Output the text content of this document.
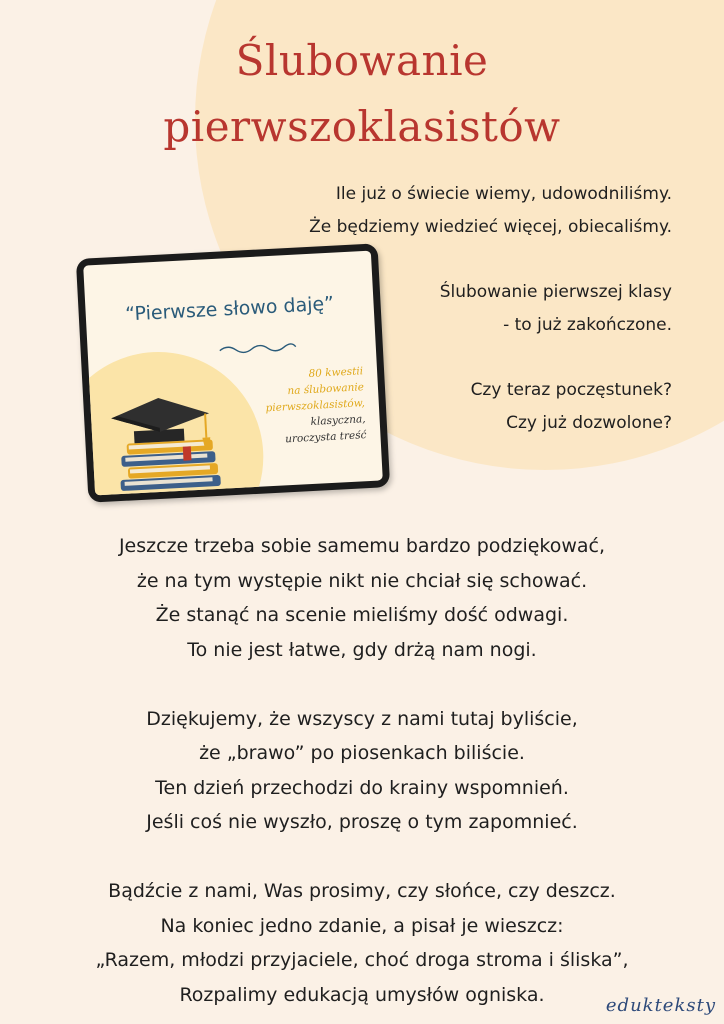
Ślubowanie
pierwszoklasistów
Ile już o świecie wiemy, udowodniliśmy.
Że będziemy wiedzieć więcej, obiecaliśmy.
Ślubowanie pierwszej klasy
- to już zakończone.
Czy teraz poczęstunek?
Czy już dozwolone?
“Pierwsze słowo daję”
80 kwestii
na ślubowanie
pierwszoklasistów,
klasyczna,
uroczysta treść
Jeszcze trzeba sobie samemu bardzo podziękować,
że na tym występie nikt nie chciał się schować.
Że stanąć na scenie mieliśmy dość odwagi.
To nie jest łatwe, gdy drżą nam nogi.
Dziękujemy, że wszyscy z nami tutaj byliście,
że „brawo” po piosenkach biliście.
Ten dzień przechodzi do krainy wspomnień.
Jeśli coś nie wyszło, proszę o tym zapomnieć.
Bądźcie z nami, Was prosimy, czy słońce, czy deszcz.
Na koniec jedno zdanie, a pisał je wieszcz:
„Razem, młodzi przyjaciele, choć droga stroma i śliska”,
Rozpalimy edukacją umysłów ogniska.	edukteksty
